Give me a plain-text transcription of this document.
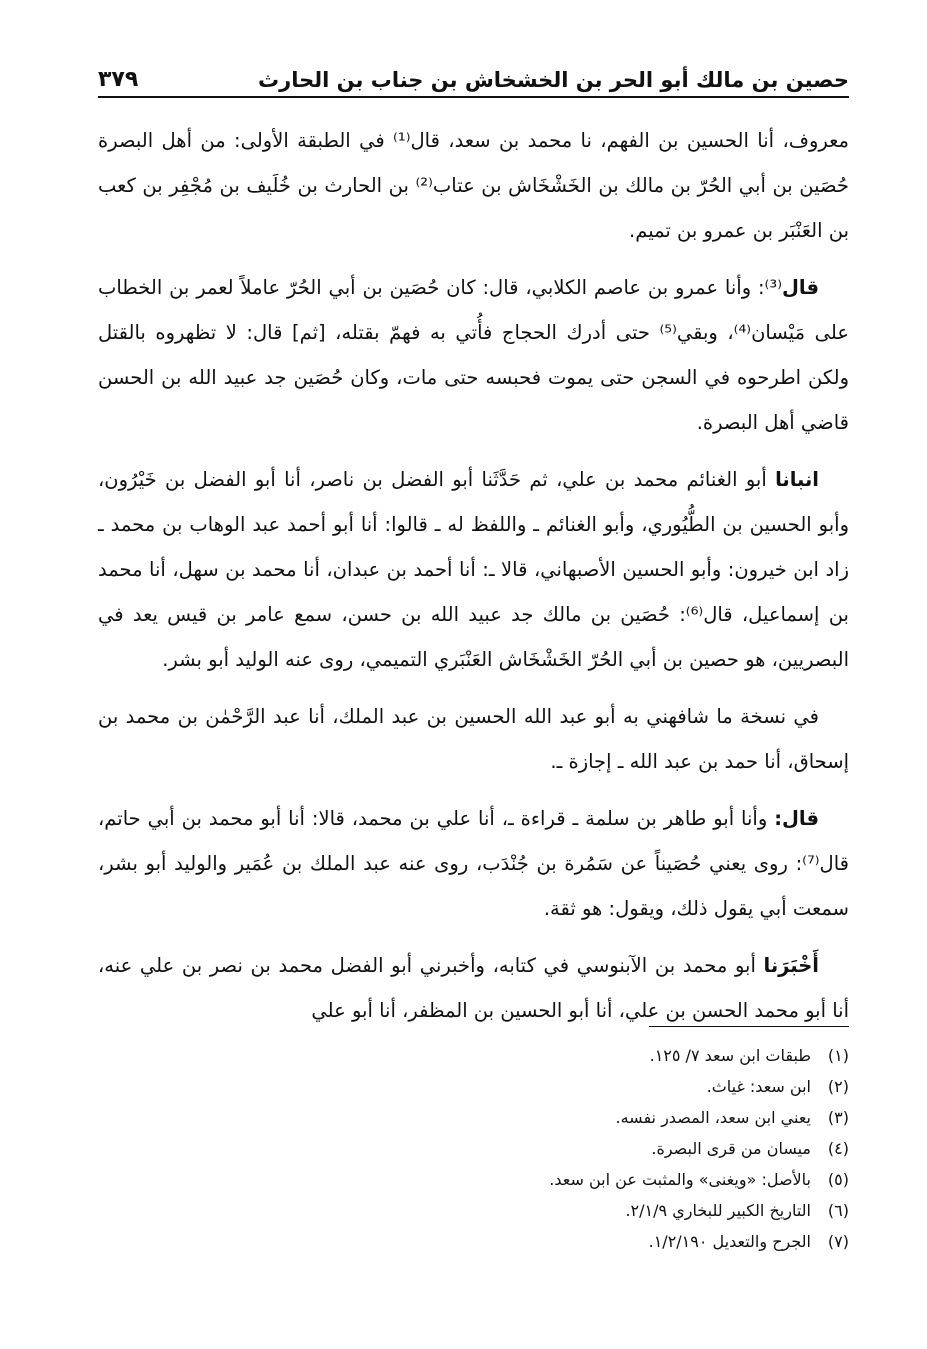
حصين بن مالك أبو الحر بن الخشخاش بن جناب بن الحارث
٣٧٩

معروف، أنا الحسين بن الفهم، نا محمد بن سعد، قال⁽¹⁾ في الطبقة الأولى: من أهل البصرة حُصَين بن أبي الحُرّ بن مالك بن الخَشْخَاش بن عتاب⁽²⁾ بن الحارث بن خُلَيف بن مُجْفِر بن كعب بن العَنْبَر بن عمرو بن تميم.

قال⁽³⁾: وأنا عمرو بن عاصم الكلابي، قال: كان حُصَين بن أبي الحُرّ عاملاً لعمر بن الخطاب على مَيْسان⁽⁴⁾، وبقي⁽⁵⁾ حتى أدرك الحجاج فأُتي به فهمّ بقتله، [ثم] قال: لا تظهروه بالقتل ولكن اطرحوه في السجن حتى يموت فحبسه حتى مات، وكان حُصَين جد عبيد الله بن الحسن قاضي أهل البصرة.

انبانا أبو الغنائم محمد بن علي، ثم حَدَّثَنا أبو الفضل بن ناصر، أنا أبو الفضل بن خَيْرُون، وأبو الحسين بن الطُّيُوري، وأبو الغنائم ـ واللفظ له ـ قالوا: أنا أبو أحمد عبد الوهاب بن محمد ـ زاد ابن خيرون: وأبو الحسين الأصبهاني، قالا ـ: أنا أحمد بن عبدان، أنا محمد بن سهل، أنا محمد بن إسماعيل، قال⁽⁶⁾: حُصَين بن مالك جد عبيد الله بن حسن، سمع عامر بن قيس يعد في البصريين، هو حصين بن أبي الحُرّ الخَشْخَاش العَنْبَري التميمي، روى عنه الوليد أبو بشر.

في نسخة ما شافهني به أبو عبد الله الحسين بن عبد الملك، أنا عبد الرَّحْمٰن بن محمد بن إسحاق، أنا حمد بن عبد الله ـ إجازة ـ.

قال: وأنا أبو طاهر بن سلمة ـ قراءة ـ، أنا علي بن محمد، قالا: أنا أبو محمد بن أبي حاتم، قال⁽⁷⁾: روى يعني حُصَيناً عن سَمُرة بن جُنْدَب، روى عنه عبد الملك بن عُمَير والوليد أبو بشر، سمعت أبي يقول ذلك، ويقول: هو ثقة.

أَخْبَرَنا أبو محمد بن الآبنوسي في كتابه، وأخبرني أبو الفضل محمد بن نصر بن علي عنه، أنا أبو محمد الحسن بن علي، أنا أبو الحسين بن المظفر، أنا أبو علي

(١)
طبقات ابن سعد ٧/ ١٢٥.
(٢)
ابن سعد: غياث.
(٣)
يعني ابن سعد، المصدر نفسه.
(٤)
ميسان من قرى البصرة.
(٥)
بالأصل: «ويغنى» والمثبت عن ابن سعد.
(٦)
التاريخ الكبير للبخاري ٢/١/٩.
(٧)
الجرح والتعديل ١/٢/١٩٠.
